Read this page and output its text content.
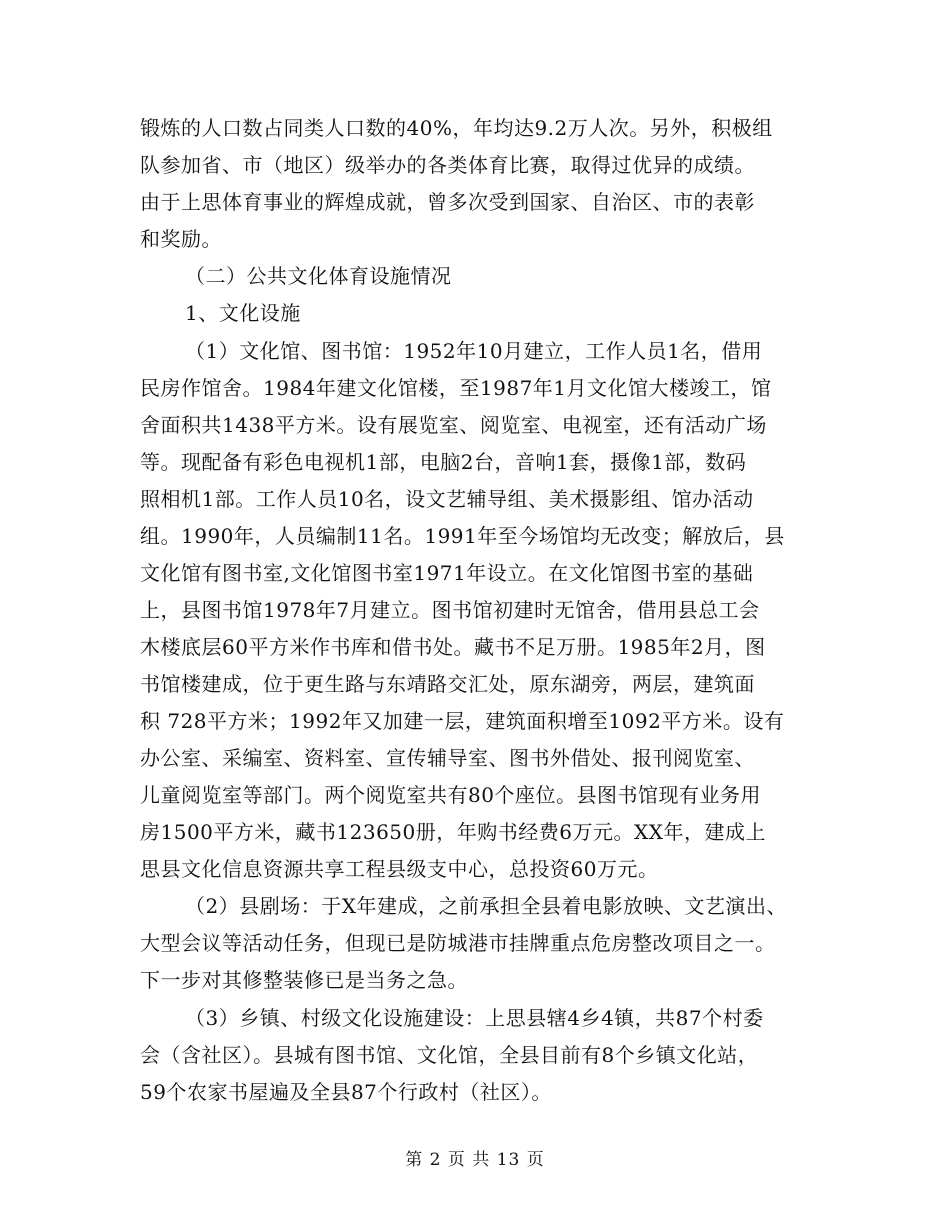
锻炼的人口数占同类人口数的40%，年均达9.2万人次。另外，积极组
队参加省、市（地区）级举办的各类体育比赛，取得过优异的成绩。
由于上思体育事业的辉煌成就，曾多次受到国家、自治区、市的表彰
和奖励。
（二）公共文化体育设施情况
1、文化设施
（1）文化馆、图书馆：1952年10月建立，工作人员1名，借用
民房作馆舍。1984年建文化馆楼，至1987年1月文化馆大楼竣工，馆
舍面积共1438平方米。设有展览室、阅览室、电视室，还有活动广场
等。现配备有彩色电视机1部，电脑2台，音响1套，摄像1部，数码
照相机1部。工作人员10名，设文艺辅导组、美术摄影组、馆办活动
组。1990年，人员编制11名。1991年至今场馆均无改变；解放后，县
文化馆有图书室,文化馆图书室1971年设立。在文化馆图书室的基础
上，县图书馆1978年7月建立。图书馆初建时无馆舍，借用县总工会
木楼底层60平方米作书库和借书处。藏书不足万册。1985年2月，图
书馆楼建成，位于更生路与东靖路交汇处，原东湖旁，两层，建筑面
积 728平方米；1992年又加建一层，建筑面积增至1092平方米。设有
办公室、采编室、资料室、宣传辅导室、图书外借处、报刊阅览室、
儿童阅览室等部门。两个阅览室共有80个座位。县图书馆现有业务用
房1500平方米，藏书123650册，年购书经费6万元。XX年，建成上
思县文化信息资源共享工程县级支中心，总投资60万元。
（2）县剧场：于X年建成，之前承担全县着电影放映、文艺演出、
大型会议等活动任务，但现已是防城港市挂牌重点危房整改项目之一。
下一步对其修整装修已是当务之急。
（3）乡镇、村级文化设施建设：上思县辖4乡4镇，共87个村委
会（含社区）。县城有图书馆、文化馆，全县目前有8个乡镇文化站，
59个农家书屋遍及全县87个行政村（社区）。
第 2 页 共 13 页
